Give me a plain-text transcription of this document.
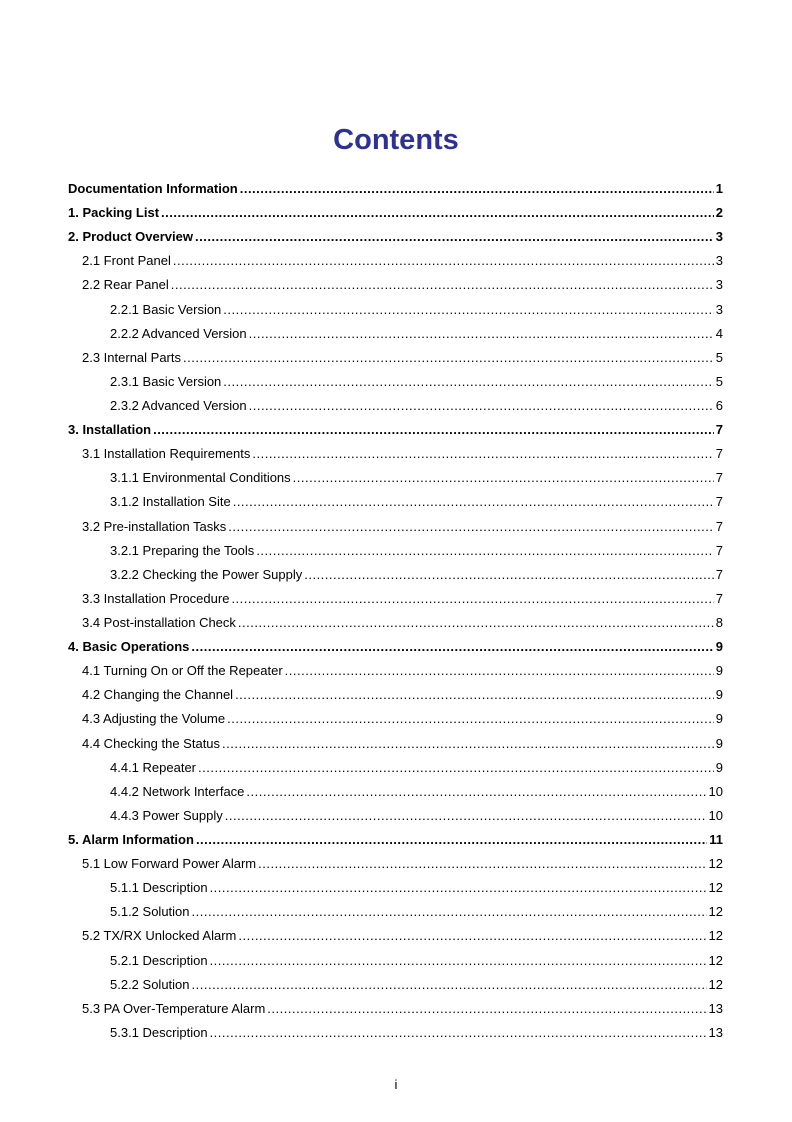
Contents
Documentation Information .....	1
1. Packing List .....	2
2. Product Overview .....	3
2.1 Front Panel .....	3
2.2 Rear Panel .....	3
2.2.1 Basic Version .....	3
2.2.2 Advanced Version .....	4
2.3 Internal Parts .....	5
2.3.1 Basic Version .....	5
2.3.2 Advanced Version .....	6
3. Installation .....	7
3.1 Installation Requirements .....	7
3.1.1 Environmental Conditions .....	7
3.1.2 Installation Site .....	7
3.2 Pre-installation Tasks .....	7
3.2.1 Preparing the Tools .....	7
3.2.2 Checking the Power Supply .....	7
3.3 Installation Procedure .....	7
3.4 Post-installation Check .....	8
4. Basic Operations .....	9
4.1 Turning On or Off the Repeater .....	9
4.2 Changing the Channel .....	9
4.3 Adjusting the Volume .....	9
4.4 Checking the Status .....	9
4.4.1 Repeater .....	9
4.4.2 Network Interface .....	10
4.4.3 Power Supply .....	10
5. Alarm Information .....	11
5.1 Low Forward Power Alarm .....	12
5.1.1 Description .....	12
5.1.2 Solution .....	12
5.2 TX/RX Unlocked Alarm .....	12
5.2.1 Description .....	12
5.2.2 Solution .....	12
5.3 PA Over-Temperature Alarm .....	13
5.3.1 Description .....	13
i
